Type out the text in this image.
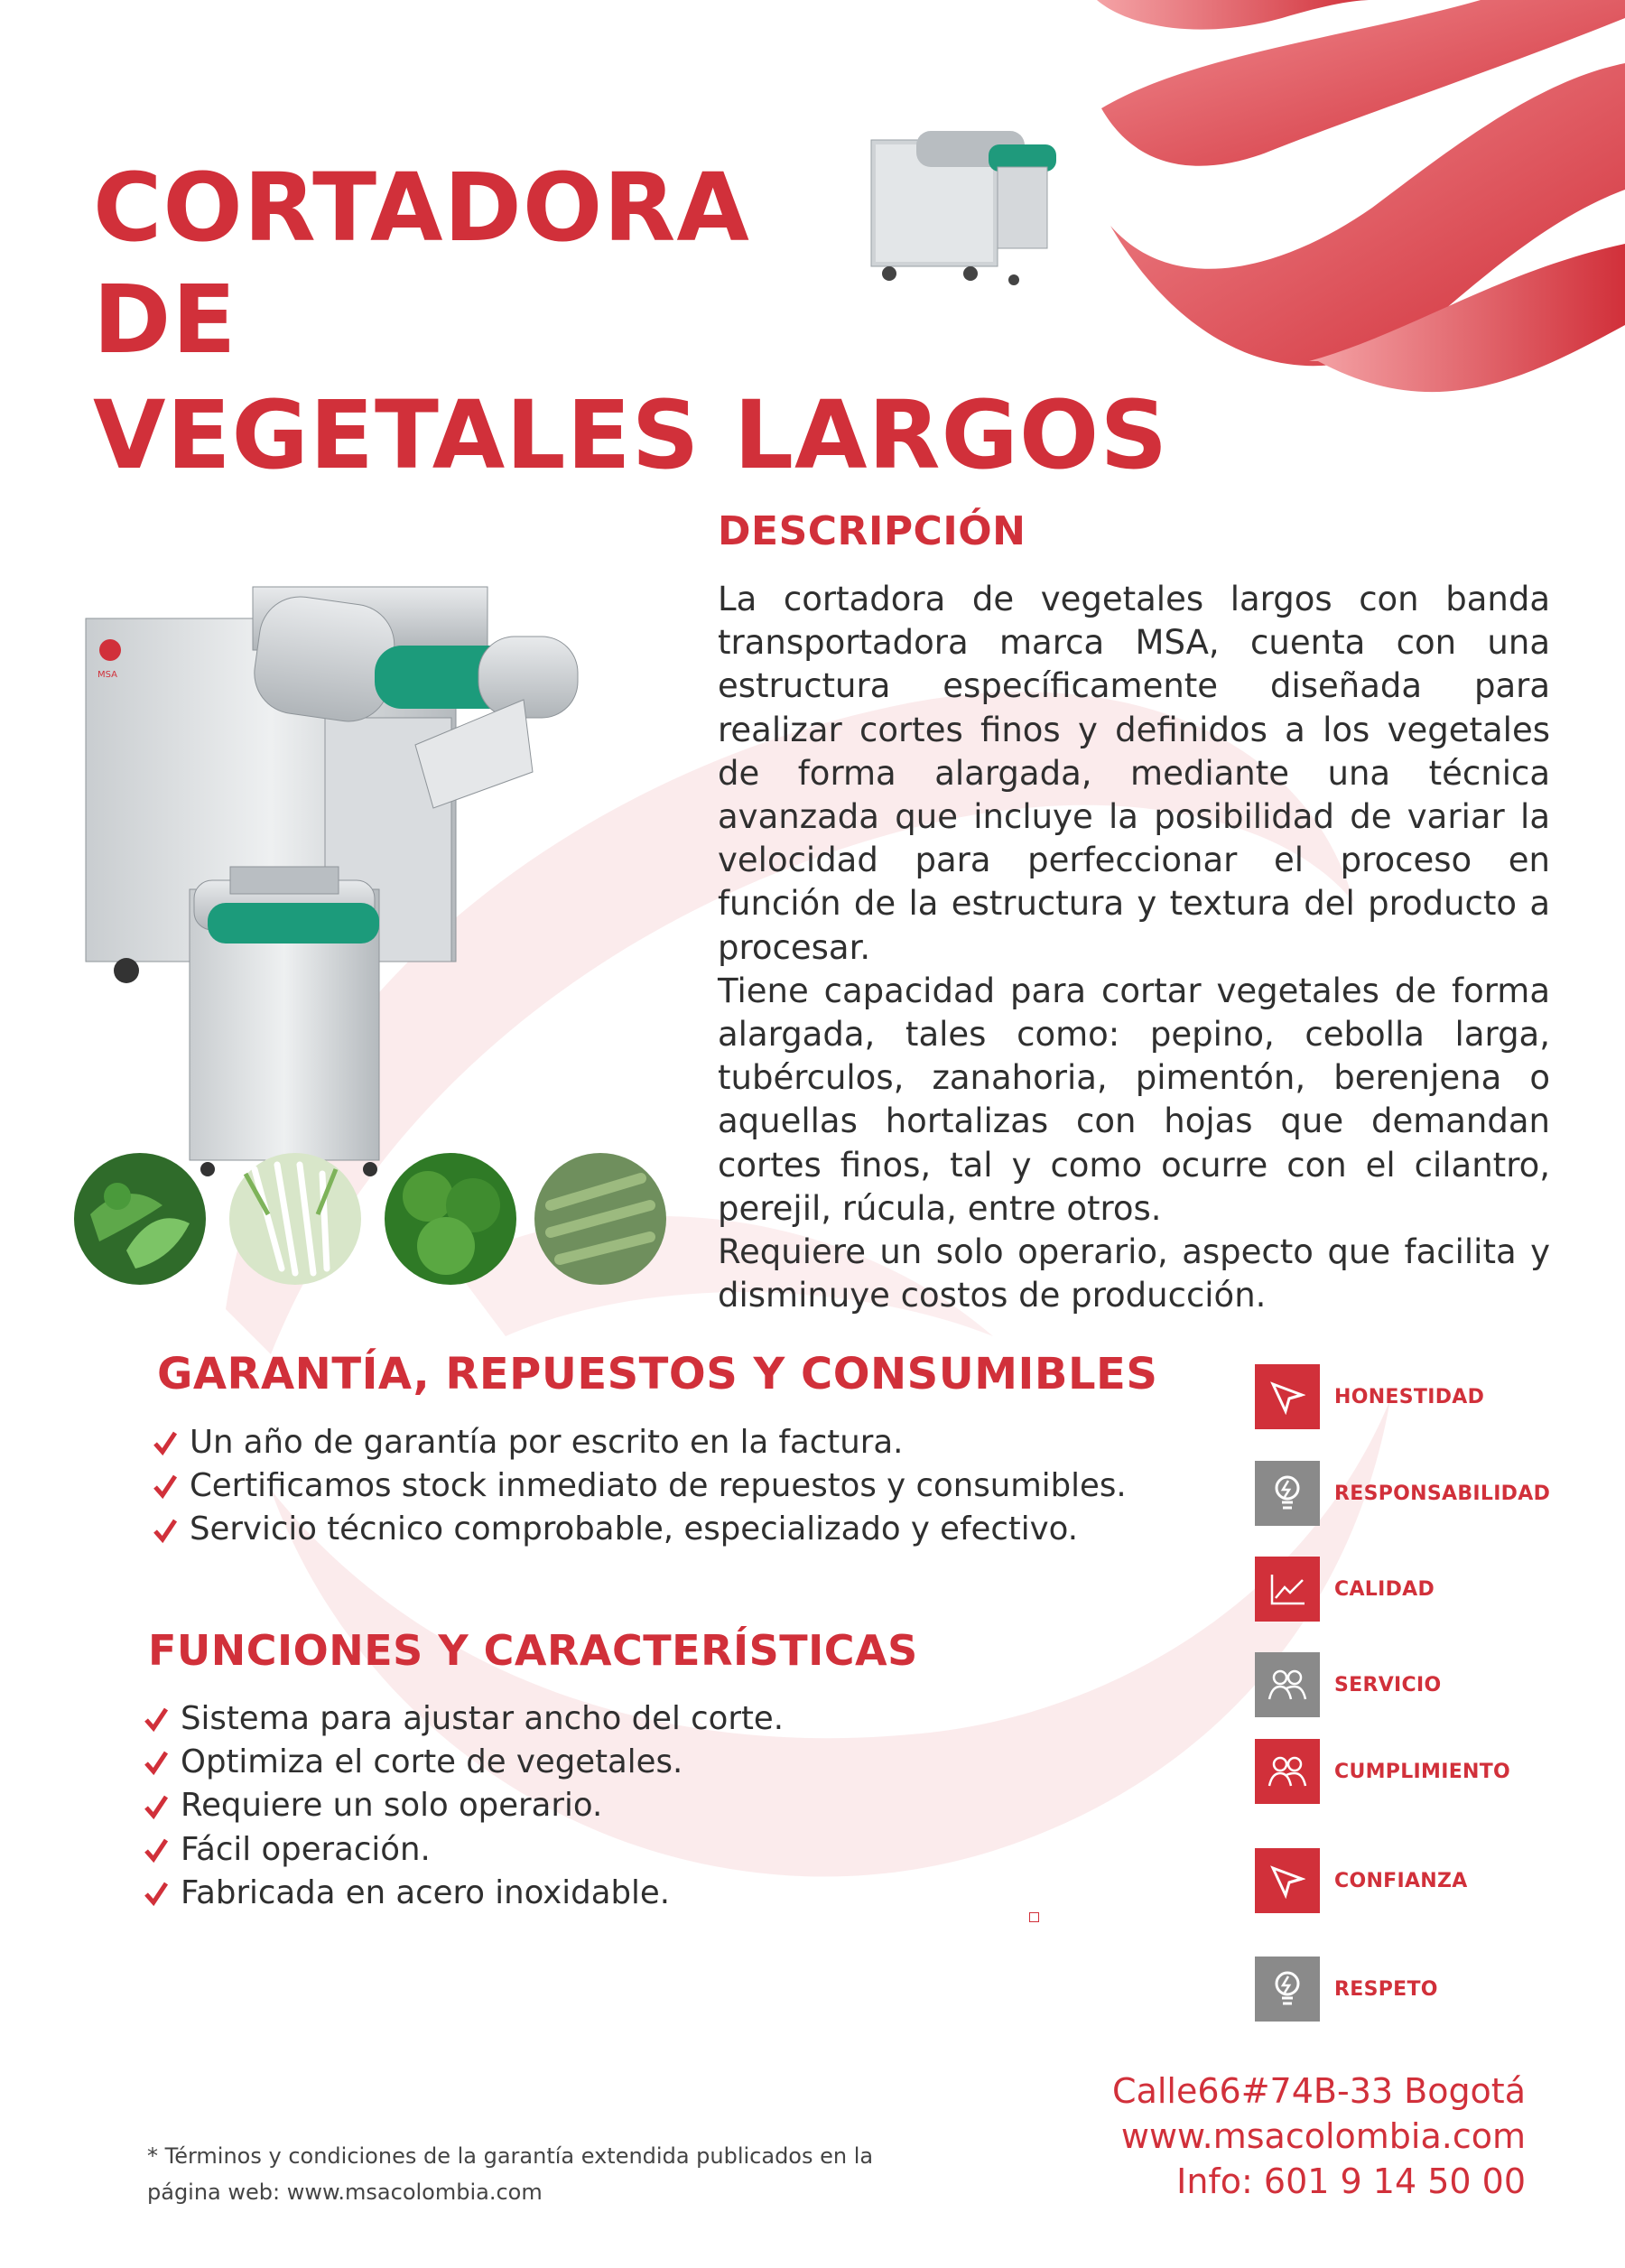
CORTADORA
DE
VEGETALES LARGOS
MSA
DESCRIPCIÓN

La cortadora de vegetales largos con banda transportadora marca MSA, cuenta con una estructura específicamente diseñada para realizar cortes finos y definidos a los vegetales de forma alargada, mediante una técnica avanzada que incluye la posibilidad de variar la velocidad para perfeccionar el proceso en función de la estructura y textura del producto a procesar.

Tiene capacidad para cortar vegetales de forma alargada, tales como: pepino, cebolla larga, tubérculos, zanahoria, pimentón, berenjena o aquellas hortalizas con hojas que demandan cortes finos, tal y como ocurre con el cilantro, perejil, rúcula, entre otros.

Requiere un solo operario, aspecto que facilita y disminuye costos de producción.

GARANTÍA, REPUESTOS Y CONSUMIBLES
Un año de garantía por escrito en la factura.
Certificamos stock inmediato de repuestos y consumibles.
Servicio técnico comprobable, especializado y efectivo.
FUNCIONES Y CARACTERÍSTICAS
Sistema para ajustar ancho del corte.
Optimiza el corte de vegetales.
Requiere un solo operario.
Fácil operación.
Fabricada en acero inoxidable.
HONESTIDAD
RESPONSABILIDAD
CALIDAD
SERVICIO
CUMPLIMIENTO
CONFIANZA
RESPETO
Calle66#74B-33 Bogotá
www.msacolombia.com
Info: 601 9 14 50 00
* Términos y condiciones de la garantía extendida publicados en la
página web: www.msacolombia.com
